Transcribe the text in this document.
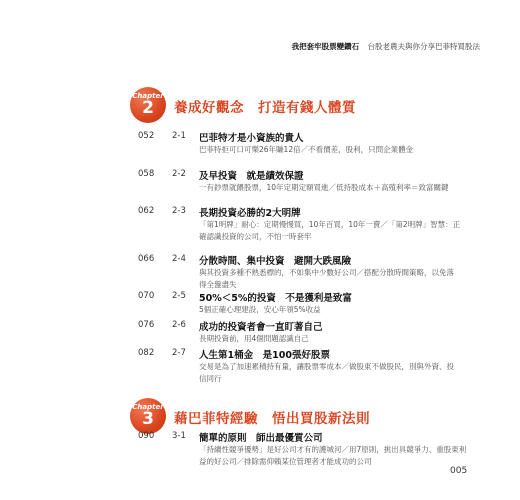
我把套牢股票變鑽石 台股老農夫與你分享巴菲特買股法
Chapter
2	養成好觀念　打造有錢人體質
052 2-1 巴菲特才是小資族的貴人
巴菲特拒可口可樂26年賺12倍／不看價差，股利，只問企業體金
058 2-2 及早投資　就是績效保證
一有鈔票就餵股票，10年定期定額買進／低持股成本＋高殖利率＝致富關鍵
062 2-3 長期投資必勝的2大明牌
「第1明牌」耐心：定期慢慢買，10年百買，10年一賣／「第2明牌」智慧：正確認識投資的公司，不怕一時套牢
066 2-4 分散時間、集中投資　避開大跌風險
與其投資多種不熟悉標的，不如集中少數好公司／搭配分散時間策略，以免落得全盤盡失
070 2-5 50%＜5%的投資　不是獲利是致富
5個正確心理建設，安心年領5%收益
076 2-6 成功的投資者會一直盯著自己
長期投資前，用4個問題認識自己
082 2-7 人生第1桶金　是100張好股票
交易是為了加速累積持有量，讓股票零成本／做股東不做股民，別與外資、投信同行
Chapter
3	藉巴菲特經驗　悟出買股新法則
090 3-1 簡單的原則　師出最優質公司
「持續性競爭優勢」是好公司才有的護城河／用7原則，挑出具競爭力、重股東利益的好公司／排除需仰賴某位管理者才能成功的公司
005
